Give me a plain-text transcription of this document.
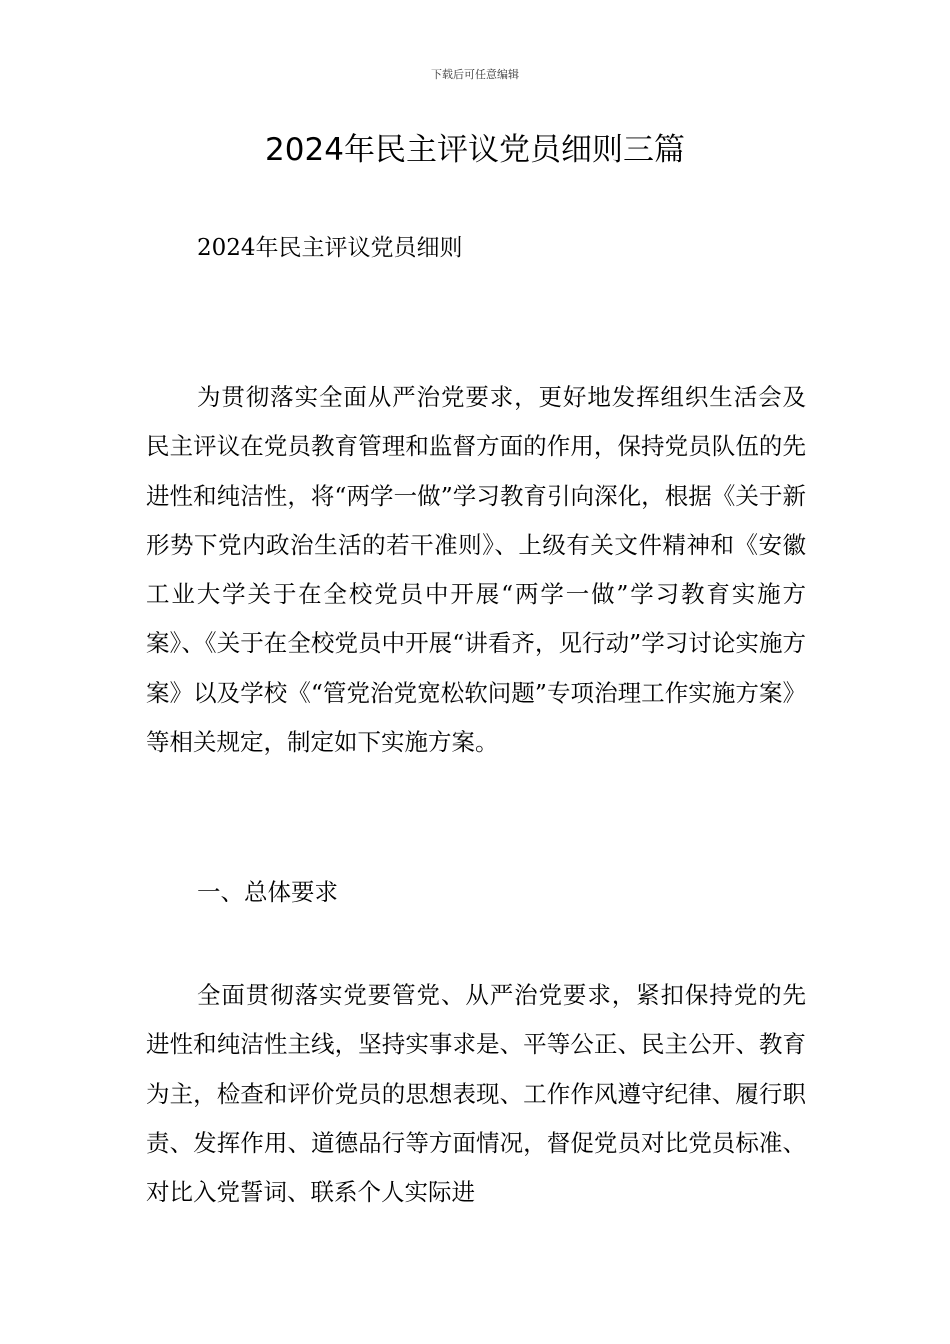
下载后可任意编辑
2024年民主评议党员细则三篇

2024年民主评议党员细则

为贯彻落实全面从严治党要求，更好地发挥组织生活会及民主评议在党员教育管理和监督方面的作用，保持党员队伍的先进性和纯洁性，将“两学一做”学习教育引向深化，根据《关于新形势下党内政治生活的若干准则》、上级有关文件精神和《安徽工业大学关于在全校党员中开展“两学一做”学习教育实施方案》、《关于在全校党员中开展“讲看齐，见行动”学习讨论实施方案》以及学校《“管党治党宽松软问题”专项治理工作实施方案》等相关规定，制定如下实施方案。

一、总体要求

全面贯彻落实党要管党、从严治党要求，紧扣保持党的先进性和纯洁性主线，坚持实事求是、平等公正、民主公开、教育为主，检查和评价党员的思想表现、工作作风遵守纪律、履行职责、发挥作用、道德品行等方面情况，督促党员对比党员标准、对比入党誓词、联系个人实际进
